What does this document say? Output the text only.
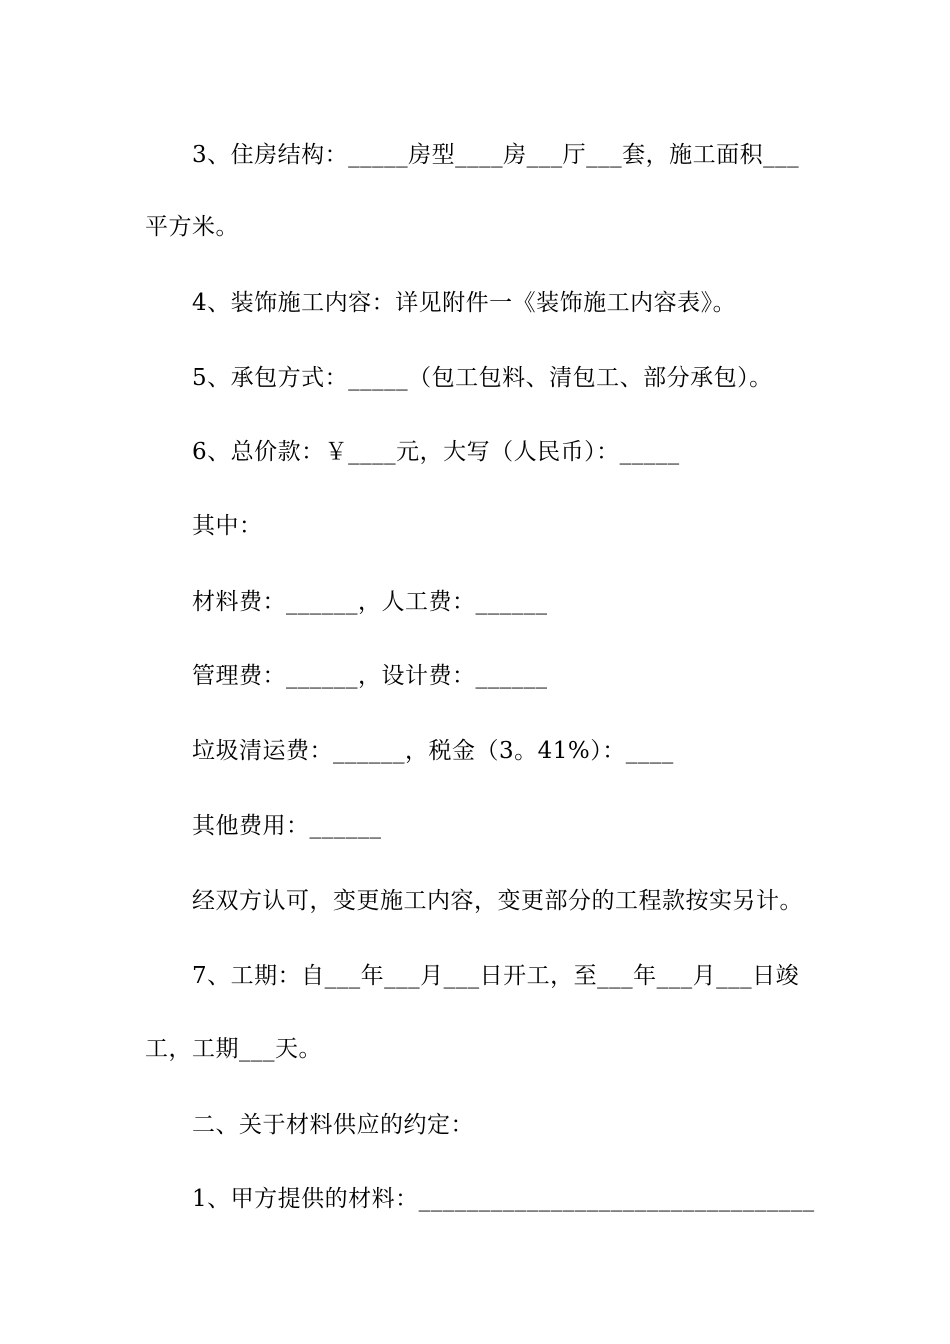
3、住房结构：_____房型____房___厅___套，施工面积___
平方米。
4、装饰施工内容：详见附件一《装饰施工内容表》。
5、承包方式：_____（包工包料、清包工、部分承包）。
6、总价款：￥____元，大写（人民币）：_____
其中：
材料费：______，人工费：______
管理费：______，设计费：______
垃圾清运费：______，税金（3。41%）：____
其他费用：______
经双方认可，变更施工内容，变更部分的工程款按实另计。
7、工期：自___年___月___日开工，至___年___月___日竣
工，工期___天。
二、关于材料供应的约定：
1、甲方提供的材料：_________________________________
